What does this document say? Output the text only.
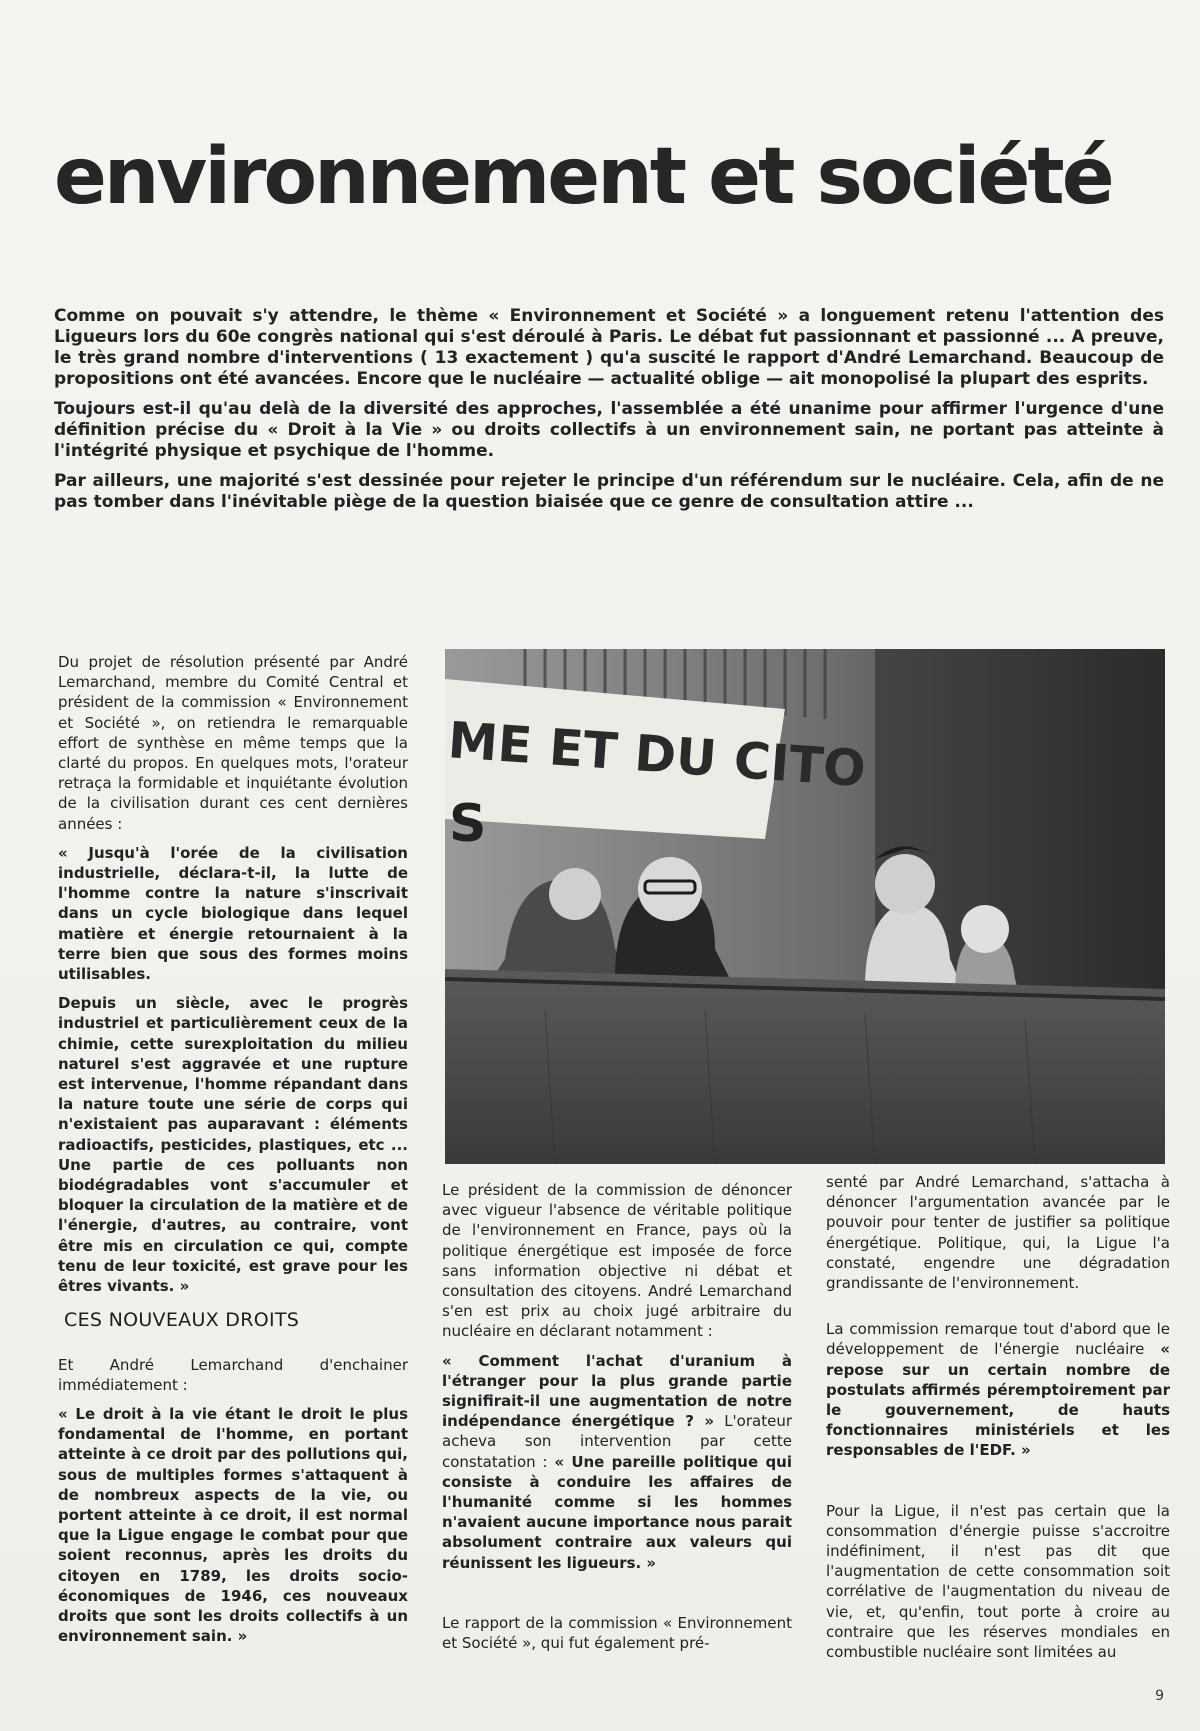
environnement et société

Comme on pouvait s'y attendre, le thème « Environnement et Société » a longuement retenu l'attention des Ligueurs lors du 60e congrès national qui s'est déroulé à Paris. Le débat fut passionnant et passionné ... A preuve, le très grand nombre d'interventions ( 13 exactement ) qu'a suscité le rapport d'André Lemarchand. Beaucoup de propositions ont été avancées. Encore que le nucléaire — actualité oblige — ait monopolisé la plupart des esprits.

Toujours est-il qu'au delà de la diversité des approches, l'assemblée a été unanime pour affirmer l'urgence d'une définition précise du « Droit à la Vie » ou droits collectifs à un environnement sain, ne portant pas atteinte à l'intégrité physique et psychique de l'homme.

Par ailleurs, une majorité s'est dessinée pour rejeter le principe d'un référendum sur le nucléaire. Cela, afin de ne pas tomber dans l'inévitable piège de la question biaisée que ce genre de consultation attire ...

Du projet de résolution présenté par André Lemarchand, membre du Comité Central et président de la commission « Environnement et Société », on retiendra le remarquable effort de synthèse en même temps que la clarté du propos. En quelques mots, l'orateur retraça la formidable et inquiétante évolution de la civilisation durant ces cent dernières années :

« Jusqu'à l'orée de la civilisation industrielle, déclara-t-il, la lutte de l'homme contre la nature s'inscrivait dans un cycle biologique dans lequel matière et énergie retournaient à la terre bien que sous des formes moins utilisables.

Depuis un siècle, avec le progrès industriel et particulièrement ceux de la chimie, cette surexploitation du milieu naturel s'est aggravée et une rupture est intervenue, l'homme répandant dans la nature toute une série de corps qui n'existaient pas auparavant : éléments radioactifs, pesticides, plastiques, etc ... Une partie de ces polluants non biodégradables vont s'accumuler et bloquer la circulation de la matière et de l'énergie, d'autres, au contraire, vont être mis en circulation ce qui, compte tenu de leur toxicité, est grave pour les êtres vivants. »

CES NOUVEAUX DROITS

Et André Lemarchand d'enchainer immédiatement :

« Le droit à la vie étant le droit le plus fondamental de l'homme, en portant atteinte à ce droit par des pollutions qui, sous de multiples formes s'attaquent à de nombreux aspects de la vie, ou portent atteinte à ce droit, il est normal que la Ligue engage le combat pour que soient reconnus, après les droits du citoyen en 1789, les droits socio-économiques de 1946, ces nouveaux droits que sont les droits collectifs à un environnement sain. »

ME ET DU CITO
S

Le président de la commission de dénoncer avec vigueur l'absence de véritable politique de l'environnement en France, pays où la politique énergétique est imposée de force sans information objective ni débat et consultation des citoyens. André Lemarchand s'en est prix au choix jugé arbitraire du nucléaire en déclarant notamment :

« Comment l'achat d'uranium à l'étranger pour la plus grande partie signifirait-il une augmentation de notre indépendance énergétique ? » L'orateur acheva son intervention par cette constatation : « Une pareille politique qui consiste à conduire les affaires de l'humanité comme si les hommes n'avaient aucune importance nous parait absolument contraire aux valeurs qui réunissent les ligueurs. »

Le rapport de la commission « Environnement et Société », qui fut également pré-

senté par André Lemarchand, s'attacha à dénoncer l'argumentation avancée par le pouvoir pour tenter de justifier sa politique énergétique. Politique, qui, la Ligue l'a constaté, engendre une dégradation grandissante de l'environnement.

La commission remarque tout d'abord que le développement de l'énergie nucléaire « repose sur un certain nombre de postulats affirmés péremptoirement par le gouvernement, de hauts fonctionnaires ministériels et les responsables de l'EDF. »

Pour la Ligue, il n'est pas certain que la consommation d'énergie puisse s'accroitre indéfiniment, il n'est pas dit que l'augmentation de cette consommation soit corrélative de l'augmentation du niveau de vie, et, qu'enfin, tout porte à croire au contraire que les réserves mondiales en combustible nucléaire sont limitées au

9
